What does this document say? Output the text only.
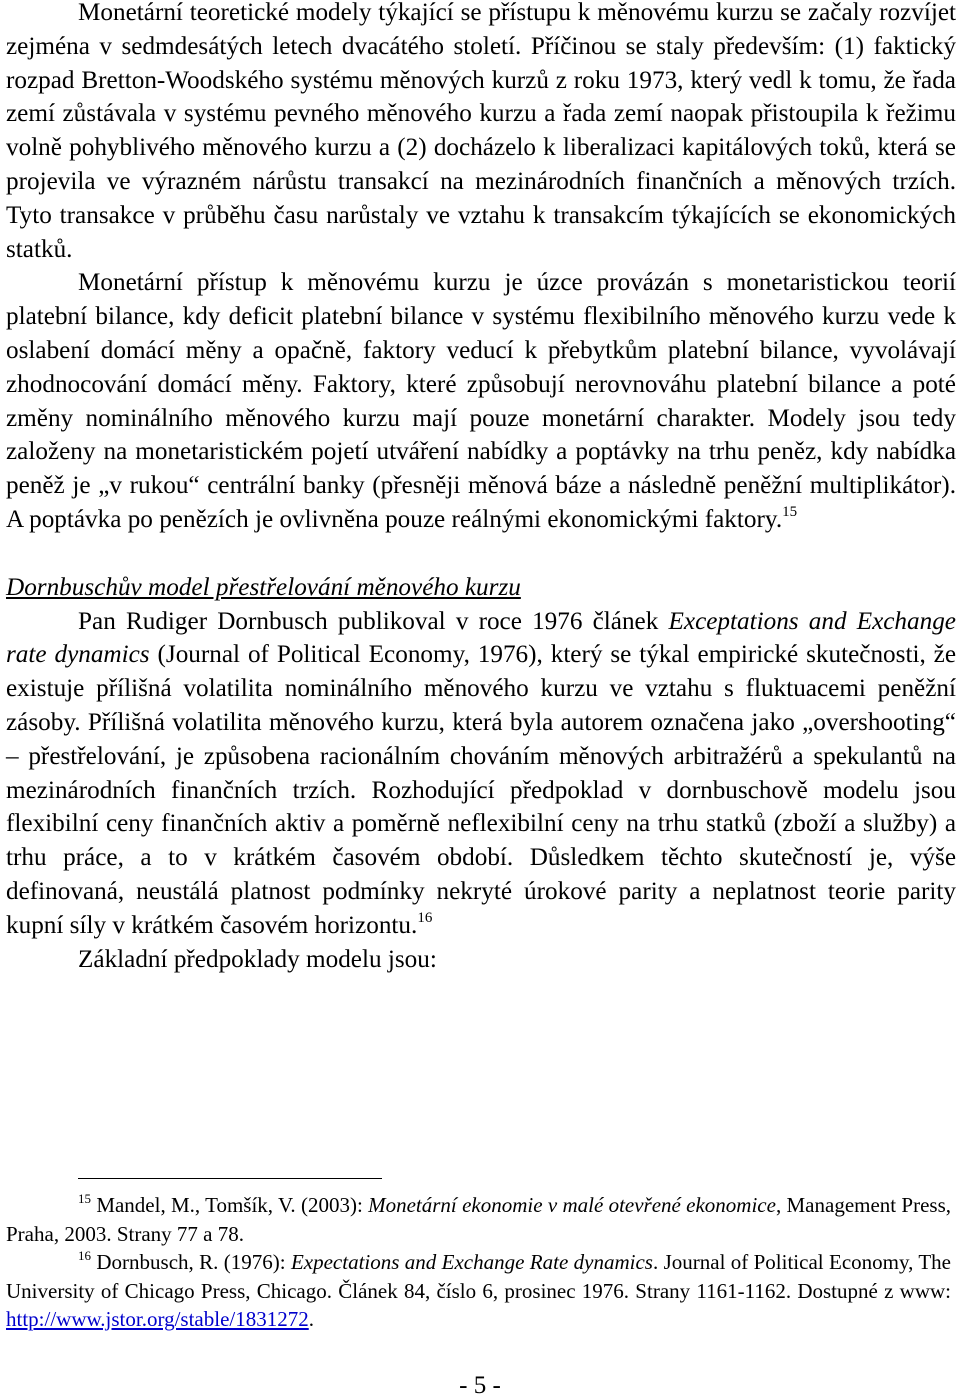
Monetární teoretické modely týkající se přístupu k měnovému kurzu se začaly rozvíjet zejména v sedmdesátých letech dvacátého století. Příčinou se staly především: (1) faktický rozpad Bretton-Woodského systému měnových kurzů z roku 1973, který vedl k tomu, že řada zemí zůstávala v systému pevného měnového kurzu a řada zemí naopak přistoupila k řežimu volně pohyblivého měnového kurzu a (2) docházelo k liberalizaci kapitálových toků, která se projevila ve výrazném nárůstu transakcí na mezinárodních finančních a měnových trzích. Tyto transakce v průběhu času narůstaly ve vztahu k transakcím týkajících se ekonomických statků.

Monetární přístup k měnovému kurzu je úzce provázán s monetaristickou teorií platební bilance, kdy deficit platební bilance v systému flexibilního měnového kurzu vede k oslabení domácí měny a opačně, faktory veducí k přebytkům platební bilance, vyvolávají zhodnocování domácí měny. Faktory, které způsobují nerovnováhu platební bilance a poté změny nominálního měnového kurzu mají pouze monetární charakter. Modely jsou tedy založeny na monetaristickém pojetí utváření nabídky a poptávky na trhu peněz, kdy nabídka peněž je „v rukou“ centrální banky (přesněji měnová báze a následně peněžní multiplikátor). A poptávka po penězích je ovlivněna pouze reálnými ekonomickými faktory.$^{15}$

Dornbuschův model přestřelování měnového kurzu

Pan Rudiger Dornbusch publikoval v roce 1976 článek Exceptations and Exchange rate dynamics (Journal of Political Economy, 1976), který se týkal empirické skutečnosti, že existuje přílišná volatilita nominálního měnového kurzu ve vztahu s fluktuacemi peněžní zásoby. Přílišná volatilita měnového kurzu, která byla autorem označena jako „overshooting“ – přestřelování, je způsobena racionálním chováním měnových arbitražérů a spekulantů na mezinárodních finančních trzích. Rozhodující předpoklad v dornbuschově modelu jsou flexibilní ceny finančních aktiv a poměrně neflexibilní ceny na trhu statků (zboží a služby) a trhu práce, a to v krátkém časovém období. Důsledkem těchto skutečností je, výše definovaná, neustálá platnost podmínky nekryté úrokové parity a neplatnost teorie parity kupní síly v krátkém časovém horizontu.$^{16}$

Základní předpoklady modelu jsou:

$^{15}$ Mandel, M., Tomšík, V. (2003): Monetární ekonomie v malé otevřené ekonomice, Management Press, Praha, 2003. Strany 77 a 78.

$^{16}$ Dornbusch, R. (1976): Expectations and Exchange Rate dynamics. Journal of Political Economy, The University of Chicago Press, Chicago. Článek 84, číslo 6, prosinec 1976. Strany 1161-1162. Dostupné z www: http://www.jstor.org/stable/1831272.

- 5 -
